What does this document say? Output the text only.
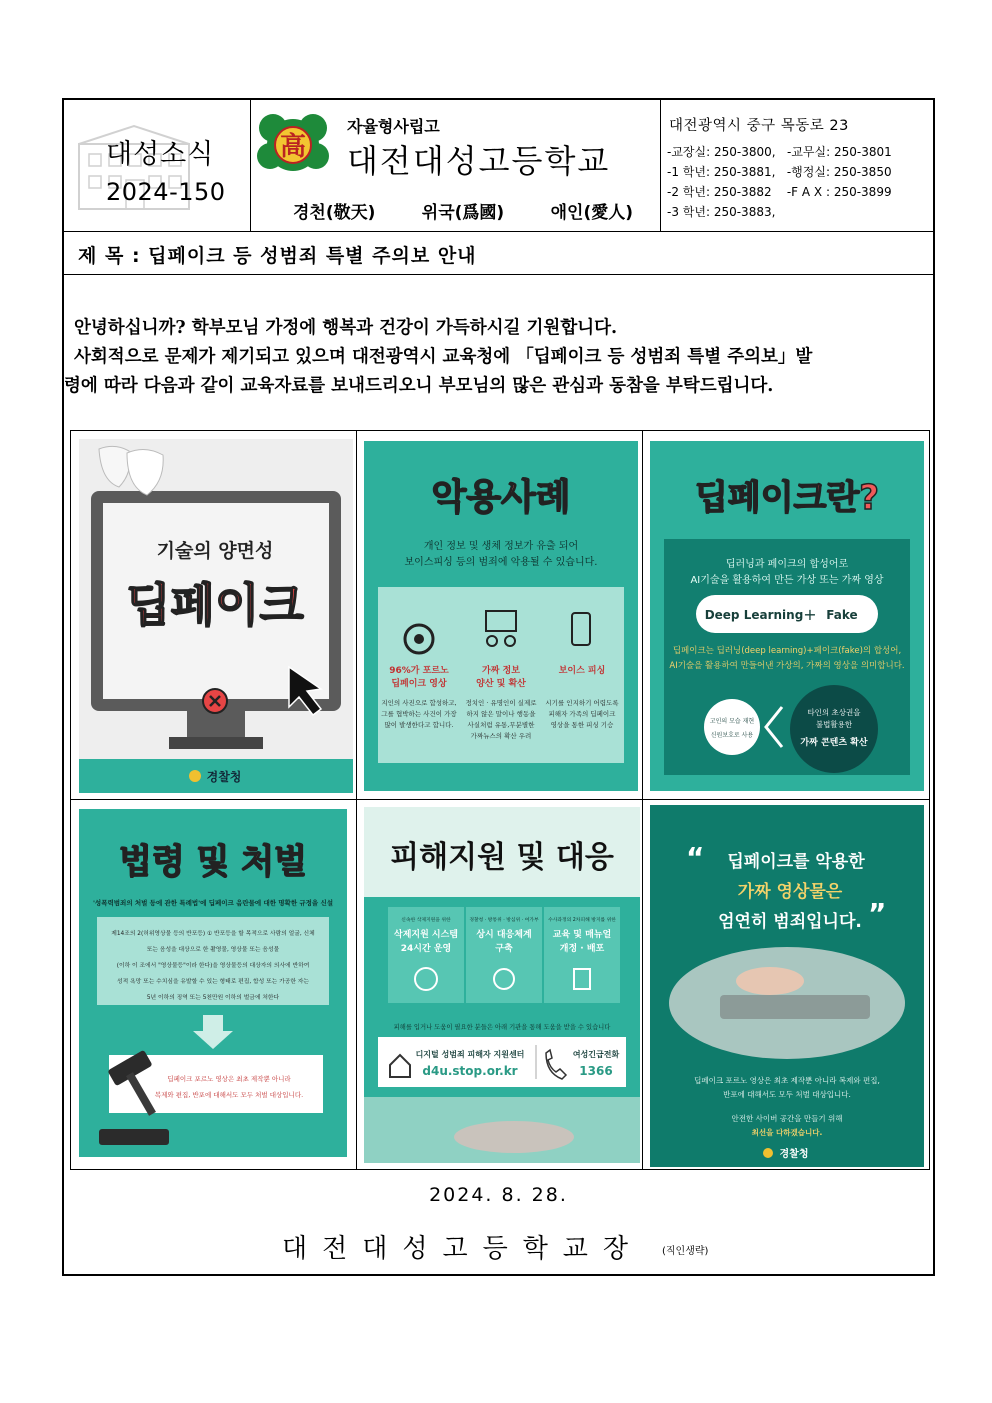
대성소식
2024-150
高
자율형사립고
대전대성고등학교
경천(敬天)	위국(爲國)	애인(愛人)
대전광역시 중구 목동로 23
-교장실: 250-3800,   -교무실: 250-3801
-1 학년: 250-3881,   -행정실: 250-3850
-2 학년: 250-3882    -F A X : 250-3899
-3 학년: 250-3883,
제 목 : 딥페이크 등 성범죄 특별 주의보 안내

안녕하십니까? 학부모님 가정에 행복과 건강이 가득하시길 기원합니다.

사회적으로 문제가 제기되고 있으며 대전광역시 교육청에 「딥페이크 등 성범죄 특별 주의보」발

령에 따라 다음과 같이 교육자료를 보내드리오니 부모님의 많은 관심과 동참을 부탁드립니다.

기술의 양면성
딥페이크
경찰청
악용사례
개인 정보 및 생체 정보가 유출 되어
보이스피싱 등의 범죄에 악용될 수 있습니다.
96%가 포르노
딥페이크 영상
지인의 사진으로 합성하고,
그를 협박하는 사건이 가장
많이 발생한다고 합니다.
가짜 정보
양산 및 확산
정치인 · 유명인이 실제로
하지 않은 말이나 행동을
사실처럼 유통,무분별한
가짜뉴스의 확산 우려
보이스 피싱
시기를 인지하기 어렵도록
피해자 가족의 딥페이크
영상을 통한 피싱 기승
딥페이크란?
딥러닝과 페이크의 합성어로
AI기술을 활용하여 만든 가상 또는 가짜 영상
Deep Learning + Fake
딥페이크는 딥러닝(deep learning)+페이크(fake)의 합성어,
AI기술을 활용하여 만들어낸 가상의, 가짜의 영상을 의미합니다.
고인의 모습 재현
신원보호로 사용
타인의 초상권을
불법활용한
가짜 콘텐츠 확산
법령 및 처벌
'성폭력범죄의 처벌 등에 관한 특례법'에 딥페이크 음란물에 대한 명확한 규정을 신설
제14조의 2(허위영상물 등의 반포등) ① 반포등을 할 목적으로 사람의 얼굴, 신체
또는 음성을 대상으로 한 촬영물, 영상물 또는 음성물
(이하 이 조에서 "영상물등"이라 한다)을 영상물등의 대상자의 의사에 반하여
성적 욕망 또는 수치심을 유발할 수 있는 형태로 편집, 합성 또는 가공한 자는
5년 이하의 징역 또는 5천만원 이하의 벌금에 처한다
딥페이크 포르노 영상은 최초 제작뿐 아니라
복제와 편집, 반포에 대해서도 모두 처벌 대상입니다.
피해지원 및 대응
신속한 삭제지원을 위한
삭제지원 시스템
24시간 운영
경찰청 · 방통위 · 방심위 · 여가부
상시 대응체계
구축
수사과정의 2차피해 방지를 위한
교육 및 매뉴얼
개정 · 배포
피해를 입거나 도움이 필요한 분들은 아래 기관을 통해 도움을 받을 수 있습니다
디지털 성범죄 피해자 지원센터
d4u.stop.or.kr
여성긴급전화
1366
“ 딥페이크를 악용한
가짜 영상물은
엄연히 범죄입니다. ”
딥페이크 포르노 영상은 최초 제작뿐 아니라 복제와 편집,
반포에 대해서도 모두 처벌 대상입니다.
안전한 사이버 공간을 만들기 위해
최선을 다하겠습니다.
경찰청
2024. 8. 28.
대전대성고등학교장 (직인생략)
